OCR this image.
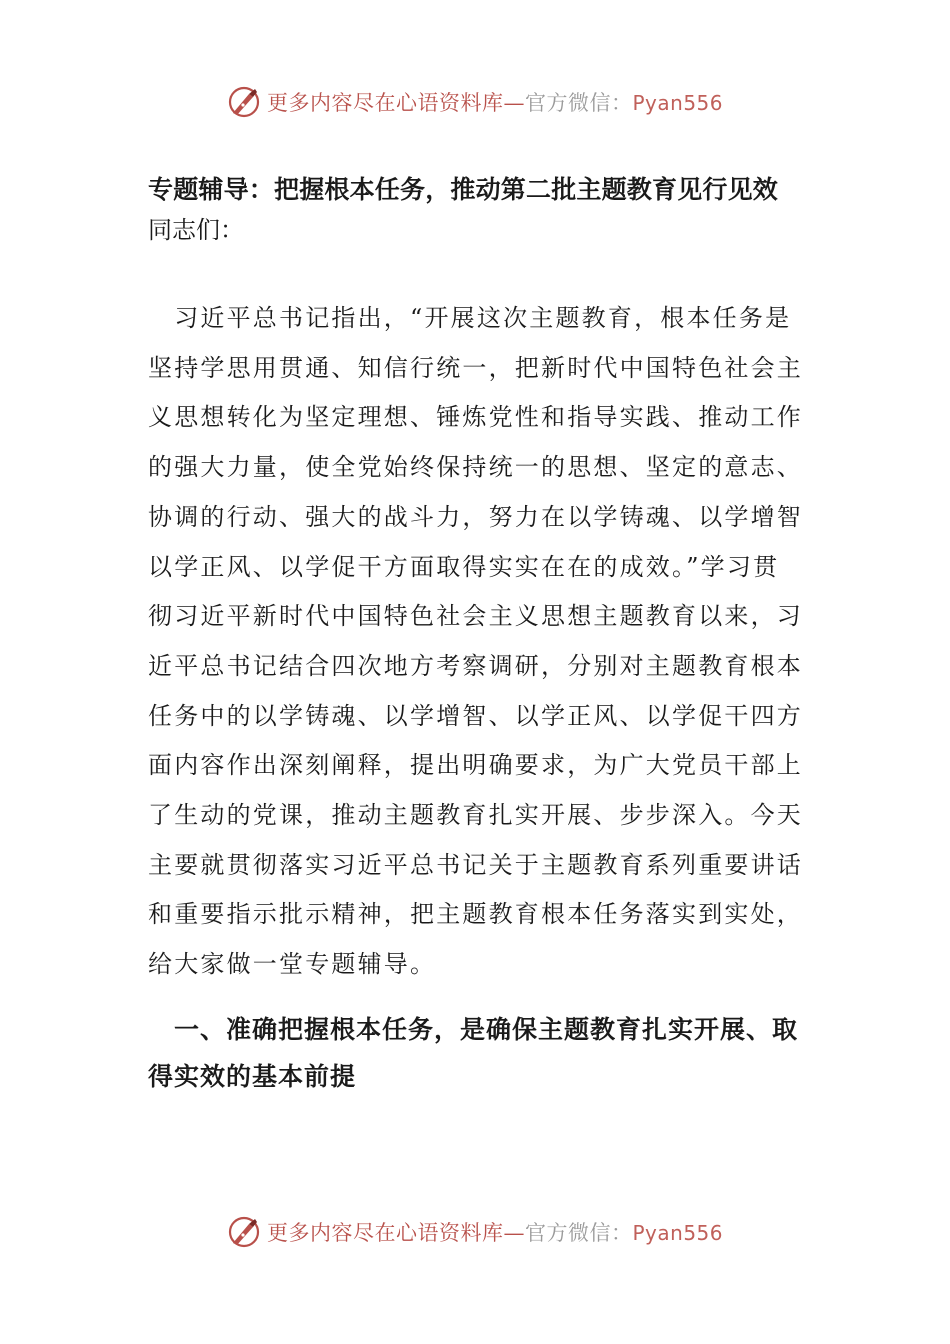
更多内容尽在心语资料库—官方微信：Pyan556
专题辅导：把握根本任务，推动第二批主题教育见行见效
同志们：
　习近平总书记指出，“开展这次主题教育，根本任务是
坚持学思用贯通、知信行统一，把新时代中国特色社会主
义思想转化为坚定理想、锤炼党性和指导实践、推动工作
的强大力量，使全党始终保持统一的思想、坚定的意志、
协调的行动、强大的战斗力，努力在以学铸魂、以学增智
以学正风、以学促干方面取得实实在在的成效。”学习贯
彻习近平新时代中国特色社会主义思想主题教育以来，习
近平总书记结合四次地方考察调研，分别对主题教育根本
任务中的以学铸魂、以学增智、以学正风、以学促干四方
面内容作出深刻阐释，提出明确要求，为广大党员干部上
了生动的党课，推动主题教育扎实开展、步步深入。今天
主要就贯彻落实习近平总书记关于主题教育系列重要讲话
和重要指示批示精神，把主题教育根本任务落实到实处，
给大家做一堂专题辅导。
　一、准确把握根本任务，是确保主题教育扎实开展、取
得实效的基本前提
更多内容尽在心语资料库—官方微信：Pyan556
